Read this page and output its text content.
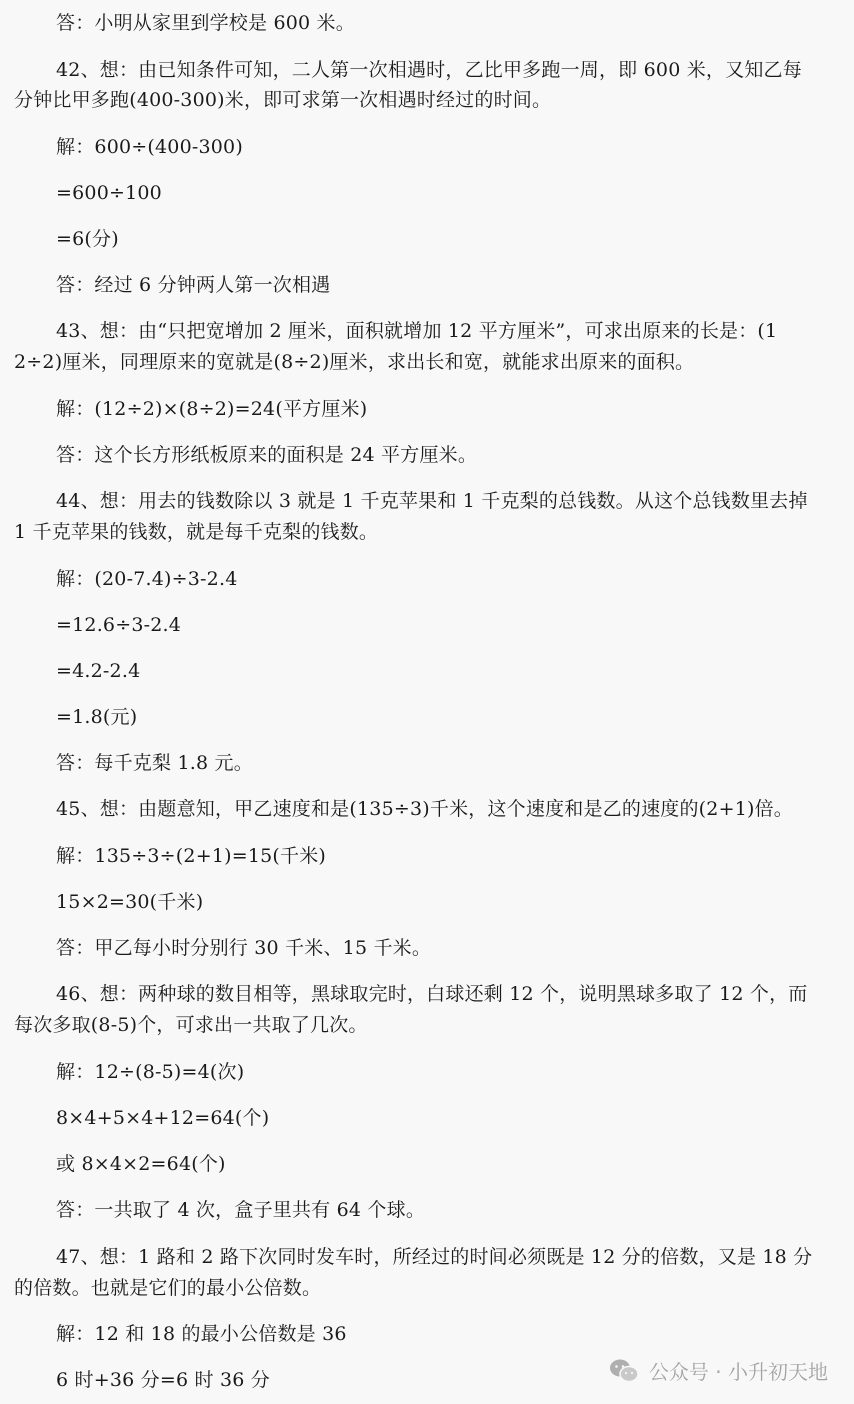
答：小明从家里到学校是 600 米。
42、想：由已知条件可知，二人第一次相遇时，乙比甲多跑一周，即 600 米，又知乙每
分钟比甲多跑(400-300)米，即可求第一次相遇时经过的时间。
解：600÷(400-300)
=600÷100
=6(分)
答：经过 6 分钟两人第一次相遇
43、想：由“只把宽增加 2 厘米，面积就增加 12 平方厘米”，可求出原来的长是：(1
2÷2)厘米，同理原来的宽就是(8÷2)厘米，求出长和宽，就能求出原来的面积。
解：(12÷2)×(8÷2)=24(平方厘米)
答：这个长方形纸板原来的面积是 24 平方厘米。
44、想：用去的钱数除以 3 就是 1 千克苹果和 1 千克梨的总钱数。从这个总钱数里去掉
1 千克苹果的钱数，就是每千克梨的钱数。
解：(20-7.4)÷3-2.4
=12.6÷3-2.4
=4.2-2.4
=1.8(元)
答：每千克梨 1.8 元。
45、想：由题意知，甲乙速度和是(135÷3)千米，这个速度和是乙的速度的(2+1)倍。
解：135÷3÷(2+1)=15(千米)
15×2=30(千米)
答：甲乙每小时分别行 30 千米、15 千米。
46、想：两种球的数目相等，黑球取完时，白球还剩 12 个，说明黑球多取了 12 个，而
每次多取(8-5)个，可求出一共取了几次。
解：12÷(8-5)=4(次)
8×4+5×4+12=64(个)
或 8×4×2=64(个)
答：一共取了 4 次，盒子里共有 64 个球。
47、想：1 路和 2 路下次同时发车时，所经过的时间必须既是 12 分的倍数，又是 18 分
的倍数。也就是它们的最小公倍数。
解：12 和 18 的最小公倍数是 36
6 时+36 分=6 时 36 分	公众号 · 小升初天地
